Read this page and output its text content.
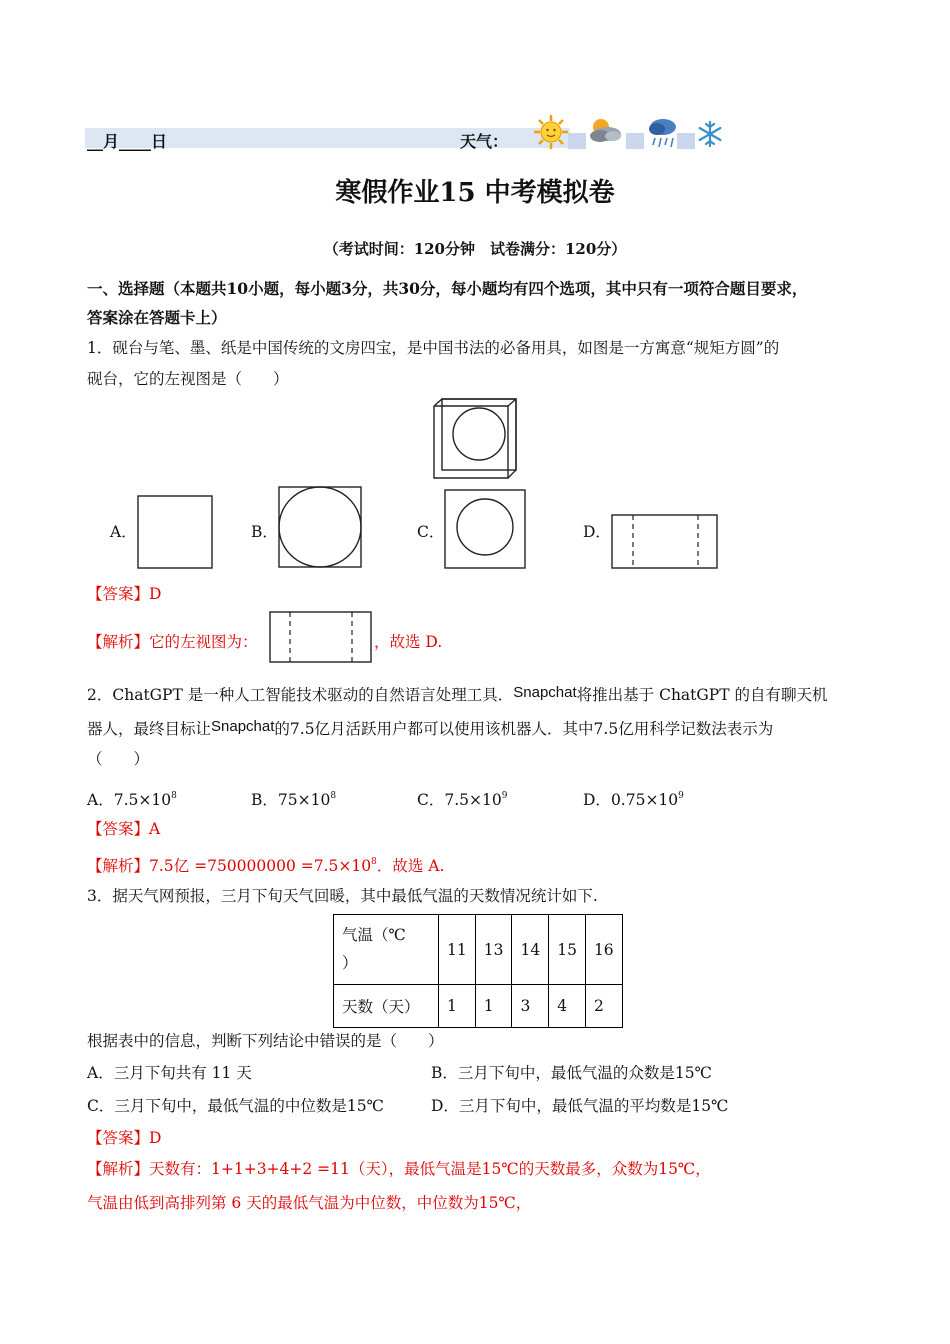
__月____日	天气：
寒假作业15 中考模拟卷
（考试时间：120分钟　试卷满分：120分）
一、选择题（本题共10小题，每小题3分，共30分，每小题均有四个选项，其中只有一项符合题目要求，
答案涂在答题卡上）
1．砚台与笔、墨、纸是中国传统的文房四宝，是中国书法的必备用具，如图是一方寓意“规矩方圆”的
砚台，它的左视图是（　　）
A．	B．	C．	D．
【答案】D
【解析】它的左视图为：	，故选 D.
2．ChatGPT 是一种人工智能技术驱动的自然语言处理工具．Snapchat将推出基于 ChatGPT 的自有聊天机
器人，最终目标让Snapchat的7.5亿月活跃用户都可以使用该机器人．其中7.5亿用科学记数法表示为
（　　）
A．$7.5\times 10^8$	B．$75\times 10^8$	C．$7.5\times 10^9$	D．$0.75\times 10^9$
【答案】A
【解析】7.5亿 $=750000000 =7.5\times 10^8$．故选 A.
3．据天气网预报，三月下旬天气回暖，其中最低气温的天数情况统计如下.
气温（℃
）	11	13	14	15	16
天数（天）	1	1	3	4	2
根据表中的信息，判断下列结论中错误的是（　　）
A．三月下旬共有 11 天	B．三月下旬中，最低气温的众数是15℃
C．三月下旬中，最低气温的中位数是15℃	D．三月下旬中，最低气温的平均数是15℃
【答案】D
【解析】天数有：1+1+3+4+2 =11（天），最低气温是15℃的天数最多，众数为15℃，
气温由低到高排列第 6 天的最低气温为中位数，中位数为15℃，
